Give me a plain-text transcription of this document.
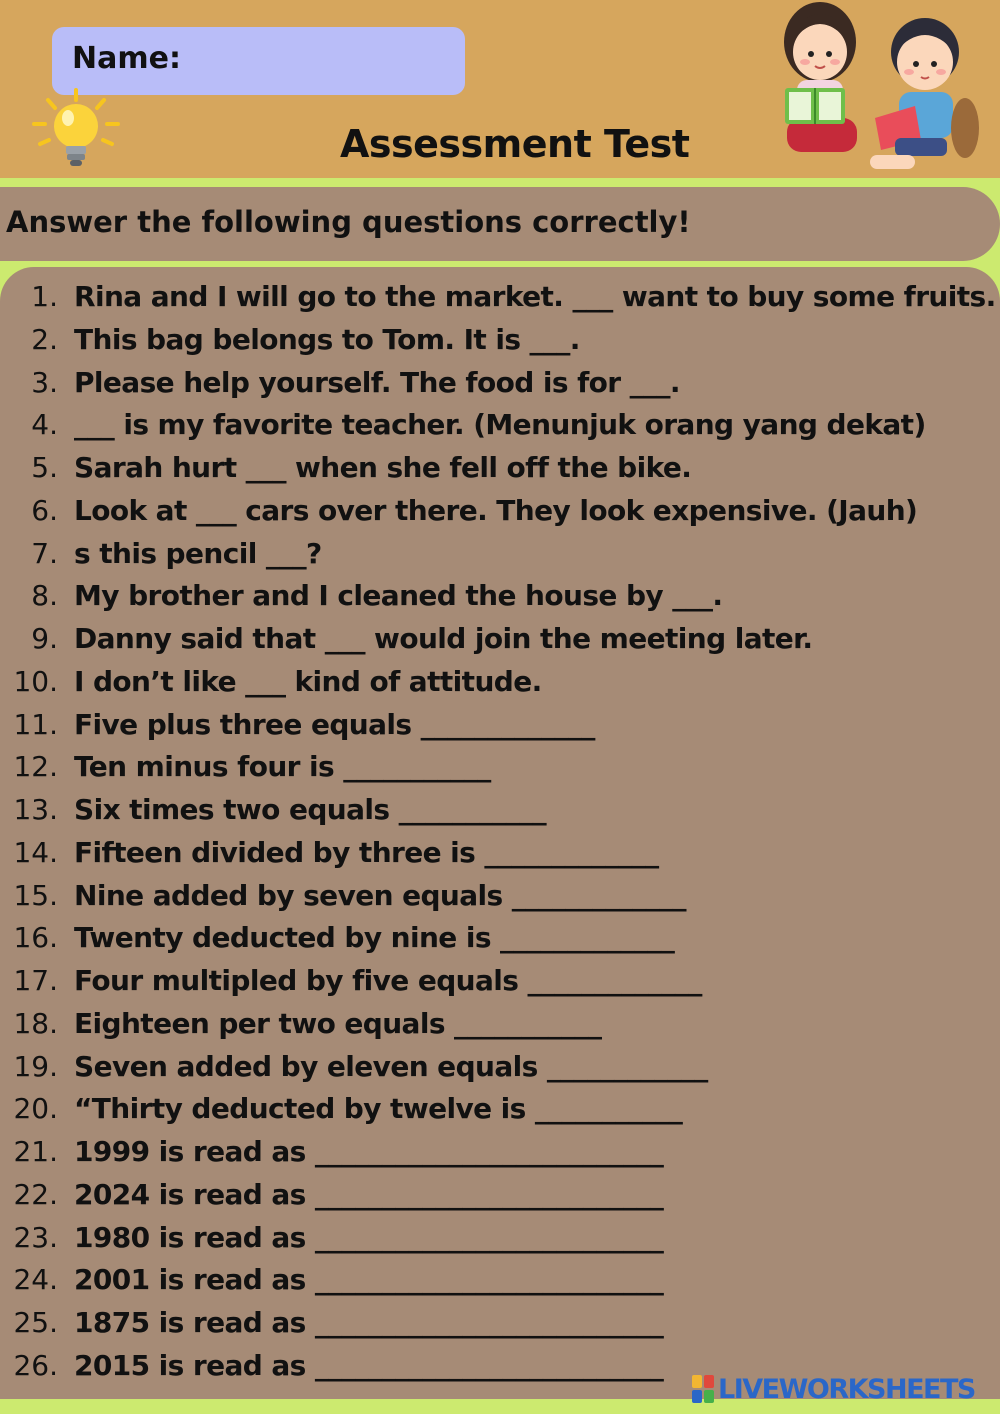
Name:
Assessment Test
Answer the following questions correctly!
1. Rina and I will go to the market. ___ want to buy some fruits.
2. This bag belongs to Tom. It is ___.
3. Please help yourself. The food is for ___.
4. ___ is my favorite teacher. (Menunjuk orang yang dekat)
5. Sarah hurt ___ when she fell off the bike.
6. Look at ___ cars over there. They look expensive. (Jauh)
7. s this pencil ___?
8. My brother and I cleaned the house by ___.
9. Danny said that ___ would join the meeting later.
10. I don’t like ___ kind of attitude.
11. Five plus three equals _____________
12. Ten minus four is ___________
13. Six times two equals ___________
14. Fifteen divided by three is _____________
15. Nine added by seven equals _____________
16. Twenty deducted by nine is _____________
17. Four multipled by five equals _____________
18. Eighteen per two equals ___________
19. Seven added by eleven equals ____________
20. “Thirty deducted by twelve is ___________
21. 1999 is read as __________________________
22. 2024 is read as __________________________
23. 1980 is read as __________________________
24. 2001 is read as __________________________
25. 1875 is read as __________________________
26. 2015 is read as __________________________
LIVEWORKSHEETS
